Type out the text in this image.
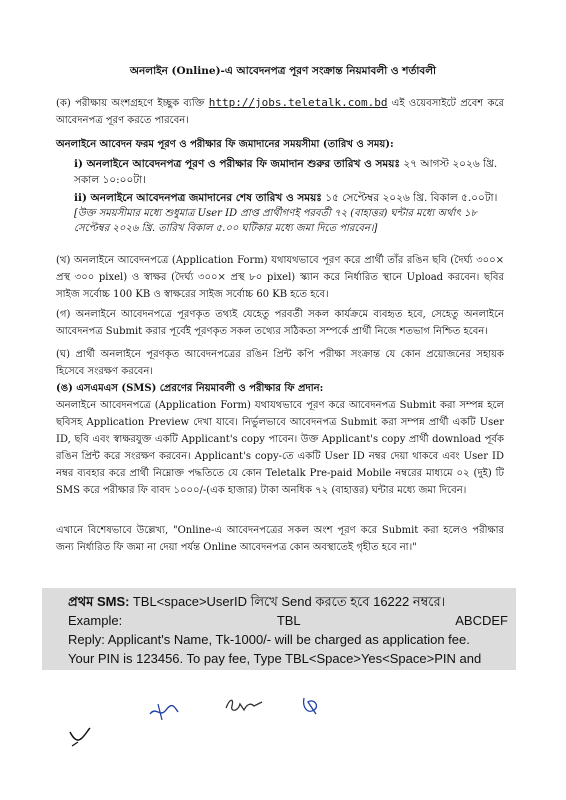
অনলাইন (Online)-এ আবেদনপত্র পূরণ সংক্রান্ত নিয়মাবলী ও শর্তাবলী

(ক) পরীক্ষায় অংশগ্রহণে ইচ্ছুক ব্যক্তি http://jobs.teletalk.com.bd এই ওয়েবসাইটে প্রবেশ করে আবেদনপত্র পূরণ করতে পারবেন।

অনলাইনে আবেদন ফরম পূরণ ও পরীক্ষার ফি জমাদানের সময়সীমা (তারিখ ও সময়):
i) অনলাইনে আবেদনপত্র পূরণ ও পরীক্ষার ফি জমাদান শুরুর তারিখ ও সময়ঃ ২৭ আগস্ট ২০২৬ খ্রি. সকাল ১০:০০টা।
ii) অনলাইনে আবেদনপত্র জমাদানের শেষ তারিখ ও সময়ঃ ১৫ সেপ্টেম্বর ২০২৬ খ্রি. বিকাল ৫.০০টা।
[উক্ত সময়সীমার মধ্যে শুধুমাত্র User ID প্রাপ্ত প্রার্থীগণই পরবর্তী ৭২ (বাহাত্তর) ঘন্টার মধ্যে অর্থাৎ ১৮ সেপ্টেম্বর ২০২৬ খ্রি. তারিখ বিকাল ৫.০০ ঘটিকার মধ্যে জমা দিতে পারবেন।]
(খ) অনলাইনে আবেদনপত্রে (Application Form) যথাযথভাবে পূরণ করে প্রার্থী তাঁর রঙিন ছবি (দৈর্ঘ্য ৩০০× প্রস্থ ৩০০ pixel) ও স্বাক্ষর (দৈর্ঘ্য ৩০০× প্রস্থ ৮০ pixel) স্ক্যান করে নির্ধারিত স্থানে Upload করবেন। ছবির সাইজ সর্বোচ্চ 100 KB ও স্বাক্ষরের সাইজ সর্বোচ্চ 60 KB হতে হবে।
(গ) অনলাইনে আবেদনপত্রে পূরণকৃত তথ্যই যেহেতু পরবর্তী সকল কার্যক্রমে ব্যবহৃত হবে, সেহেতু অনলাইনে আবেদনপত্র Submit করার পূর্বেই পূরণকৃত সকল তথ্যের সঠিকতা সম্পর্কে প্রার্থী নিজে শতভাগ নিশ্চিত হবেন।
(ঘ) প্রার্থী অনলাইনে পূরণকৃত আবেদনপত্রের রঙিন প্রিন্ট কপি পরীক্ষা সংক্রান্ত যে কোন প্রয়োজনের সহায়ক হিসেবে সংরক্ষণ করবেন।

(ঙ) এসএমএস (SMS) প্রেরণের নিয়মাবলী ও পরীক্ষার ফি প্রদান:

অনলাইনে আবেদনপত্রে (Application Form) যথাযথভাবে পূরণ করে আবেদনপত্র Submit করা সম্পন্ন হলে ছবিসহ Application Preview দেখা যাবে। নির্ভুলভাবে আবেদনপত্র Submit করা সম্পন্ন প্রার্থী একটি User ID, ছবি এবং স্বাক্ষরযুক্ত একটি Applicant's copy পাবেন। উক্ত Applicant's copy প্রার্থী download পূর্বক রঙিন প্রিন্ট করে সংরক্ষণ করবেন। Applicant's copy-তে একটি User ID নম্বর দেয়া থাকবে এবং User ID নম্বর ব্যবহার করে প্রার্থী নিম্নোক্ত পদ্ধতিতে যে কোন Teletalk Pre-paid Mobile নম্বরের মাধ্যমে ০২ (দুই) টি SMS করে পরীক্ষার ফি বাবদ ১০০০/-(এক হাজার) টাকা অনধিক ৭২ (বাহাত্তর) ঘন্টার মধ্যে জমা দিবেন।

এখানে বিশেষভাবে উল্লেখ্য, "Online-এ আবেদনপত্রের সকল অংশ পূরণ করে Submit করা হলেও পরীক্ষার জন্য নির্ধারিত ফি জমা না দেয়া পর্যন্ত Online আবেদনপত্র কোন অবস্থাতেই গৃহীত হবে না।"
প্রথম SMS: TBL<space>UserID লিখে Send করতে হবে 16222 নম্বরে।
Example:	TBL	ABCDEF
Reply: Applicant's Name, Tk-1000/- will be charged as application fee.
Your PIN is 123456. To pay fee, Type TBL<Space>Yes<Space>PIN and
